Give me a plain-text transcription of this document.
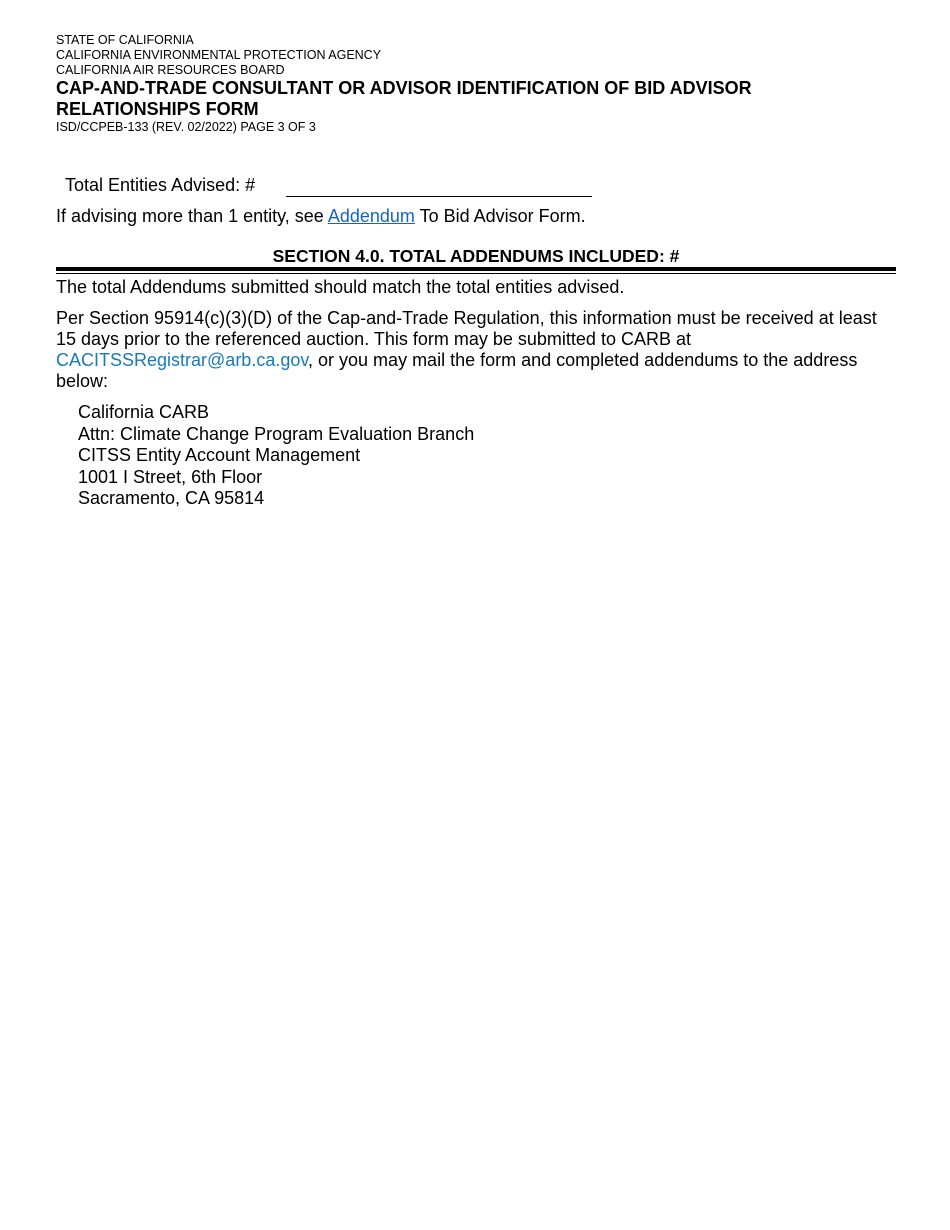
STATE OF CALIFORNIA
CALIFORNIA ENVIRONMENTAL PROTECTION AGENCY
CALIFORNIA AIR RESOURCES BOARD
CAP-AND-TRADE CONSULTANT OR ADVISOR IDENTIFICATION OF BID ADVISOR
RELATIONSHIPS FORM
ISD/CCPEB-133 (REV. 02/2022) PAGE 3 OF 3
Total Entities Advised: #
If advising more than 1 entity, see Addendum To Bid Advisor Form.
SECTION 4.0. TOTAL ADDENDUMS INCLUDED: #
The total Addendums submitted should match the total entities advised.
Per Section 95914(c)(3)(D) of the Cap-and-Trade Regulation, this information must be received at least 15 days prior to the referenced auction. This form may be submitted to CARB at CACITSSRegistrar@arb.ca.gov, or you may mail the form and completed addendums to the address below:
California CARB
Attn: Climate Change Program Evaluation Branch
CITSS Entity Account Management
1001 I Street, 6th Floor
Sacramento, CA 95814
